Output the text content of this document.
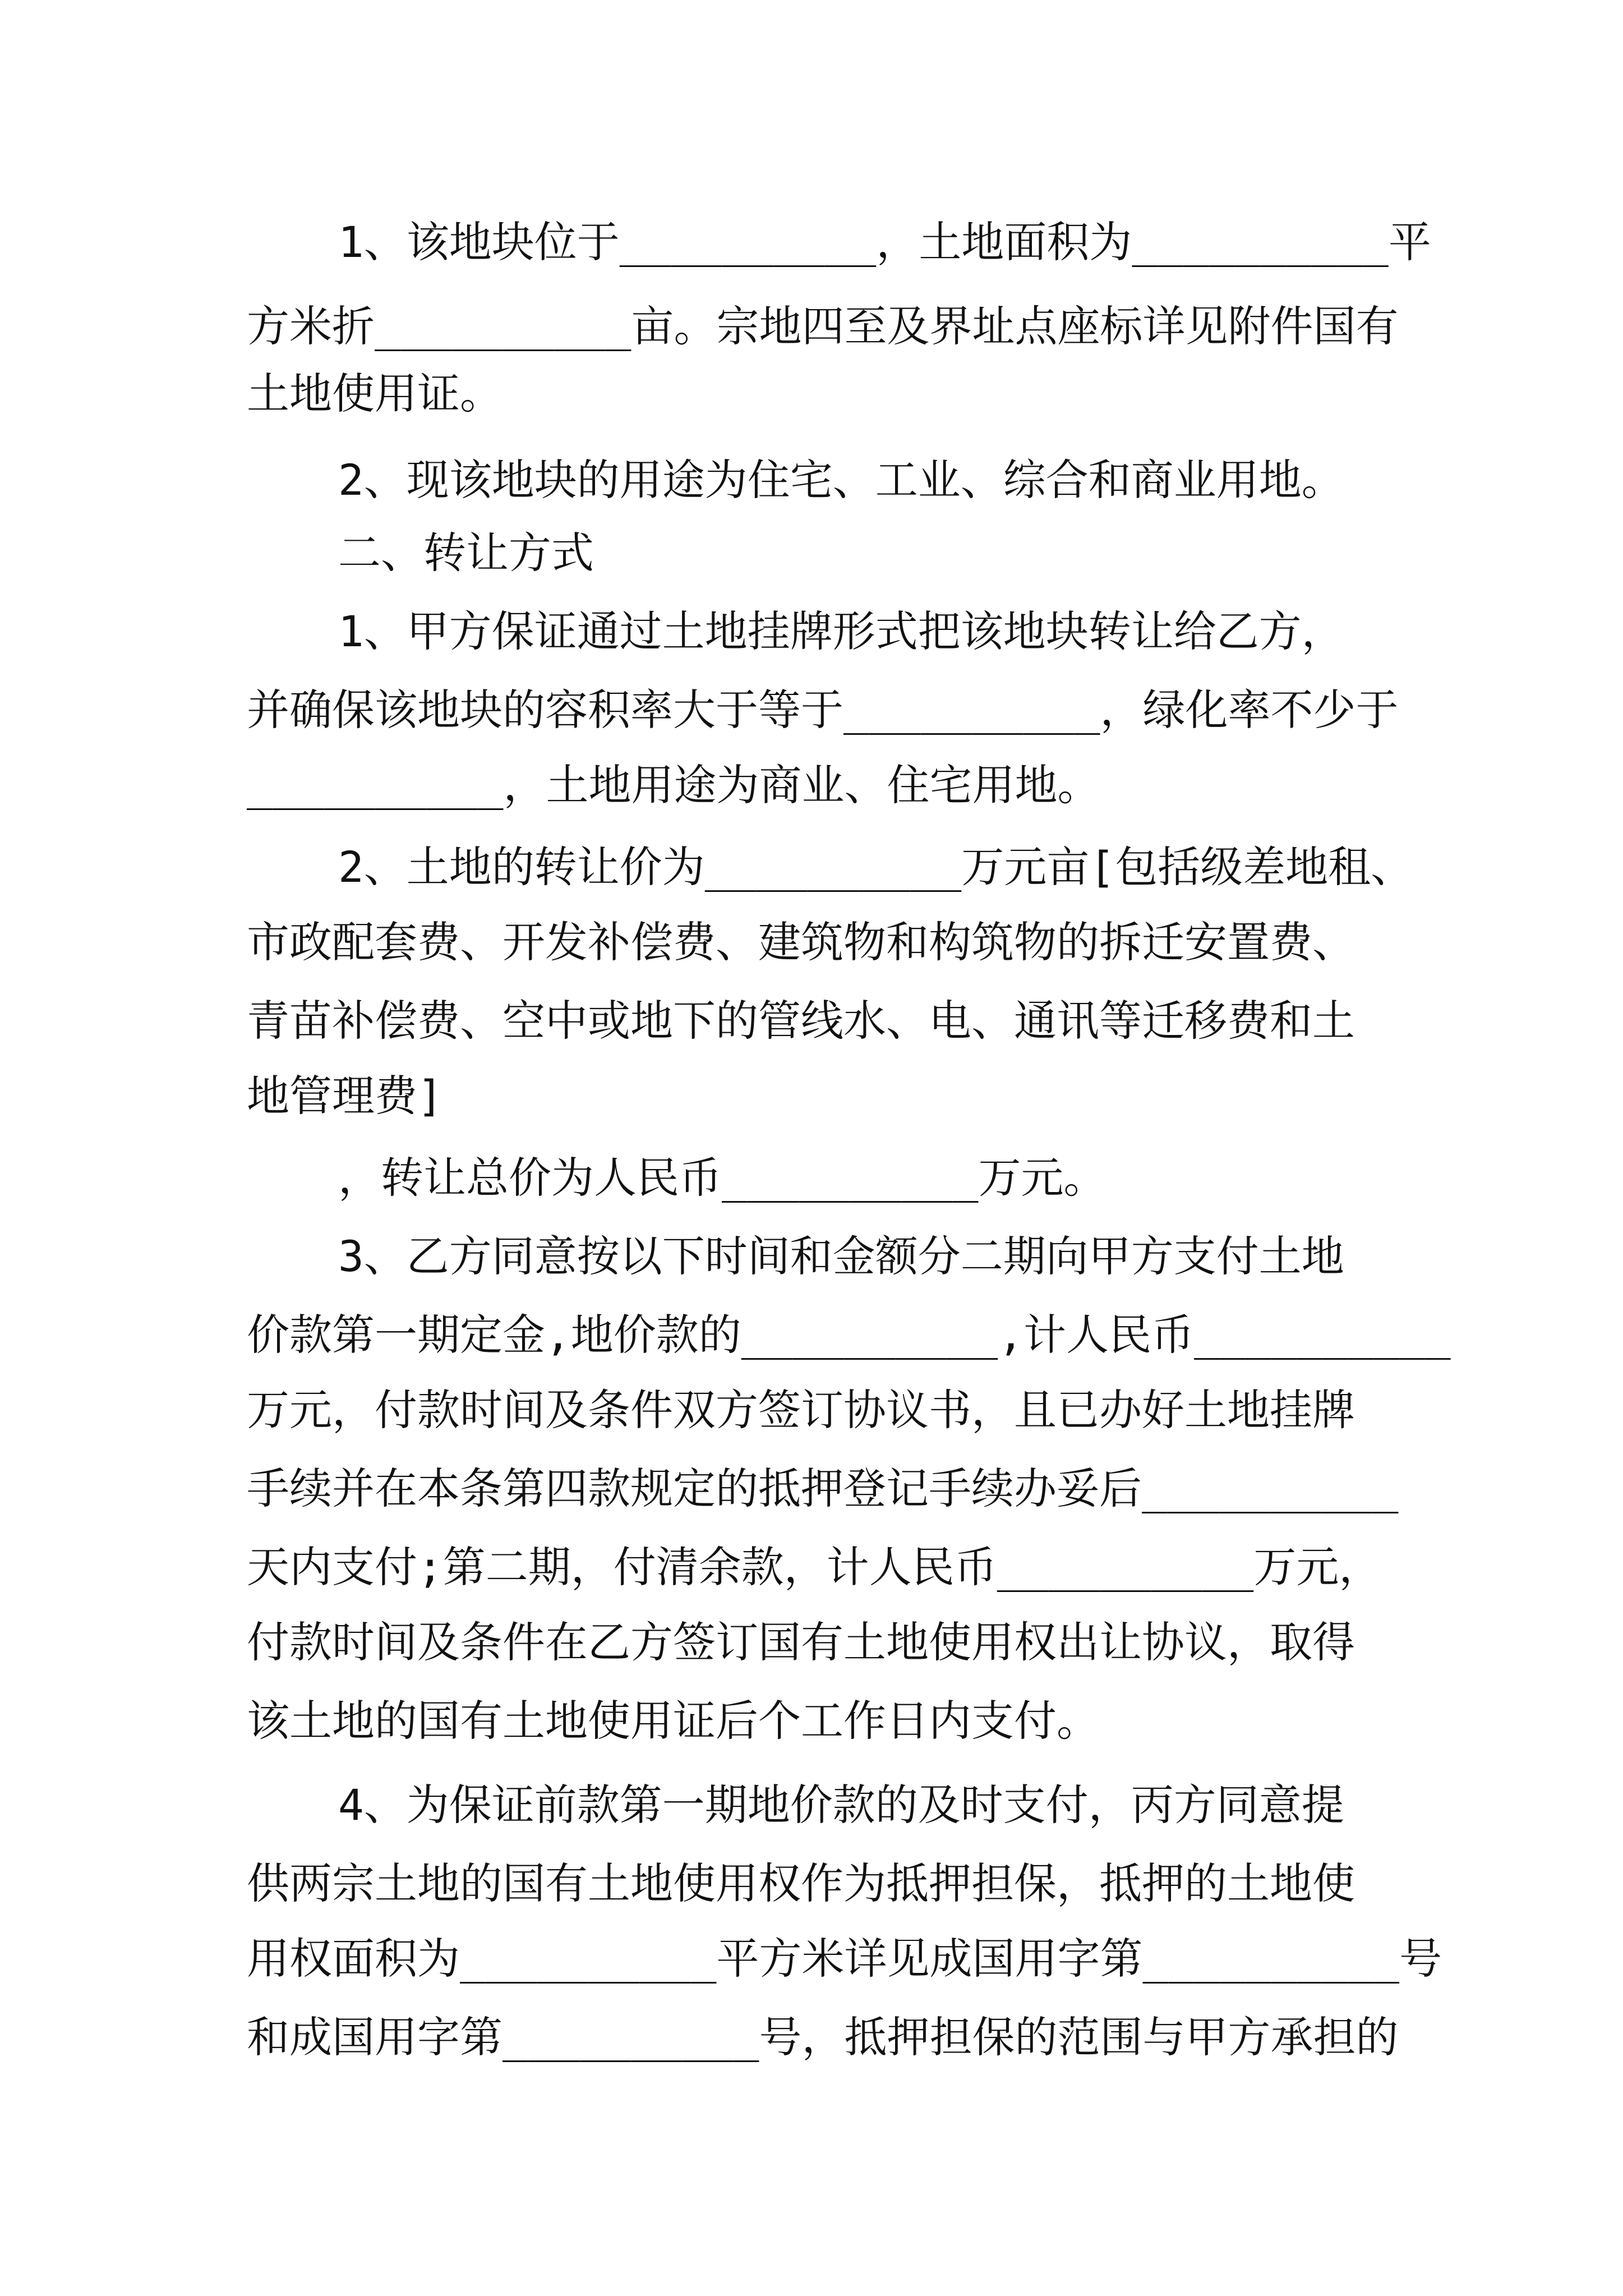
1、该地块位于__________，土地面积为__________平
方米折__________亩。宗地四至及界址点座标详见附件国有
土地使用证。
2、现该地块的用途为住宅、工业、综合和商业用地。
二、转让方式
1、甲方保证通过土地挂牌形式把该地块转让给乙方，
并确保该地块的容积率大于等于__________，绿化率不少于
__________，土地用途为商业、住宅用地。
2、土地的转让价为__________万元亩[包括级差地租、
市政配套费、开发补偿费、建筑物和构筑物的拆迁安置费、
青苗补偿费、空中或地下的管线水、电、通讯等迁移费和土
地管理费]
，转让总价为人民币__________万元。
3、乙方同意按以下时间和金额分二期向甲方支付土地
价款第一期定金,地价款的__________,计人民币__________
万元，付款时间及条件双方签订协议书，且已办好土地挂牌
手续并在本条第四款规定的抵押登记手续办妥后__________
天内支付;第二期，付清余款，计人民币__________万元，
付款时间及条件在乙方签订国有土地使用权出让协议，取得
该土地的国有土地使用证后个工作日内支付。
4、为保证前款第一期地价款的及时支付，丙方同意提
供两宗土地的国有土地使用权作为抵押担保，抵押的土地使
用权面积为__________平方米详见成国用字第__________号
和成国用字第__________号，抵押担保的范围与甲方承担的
